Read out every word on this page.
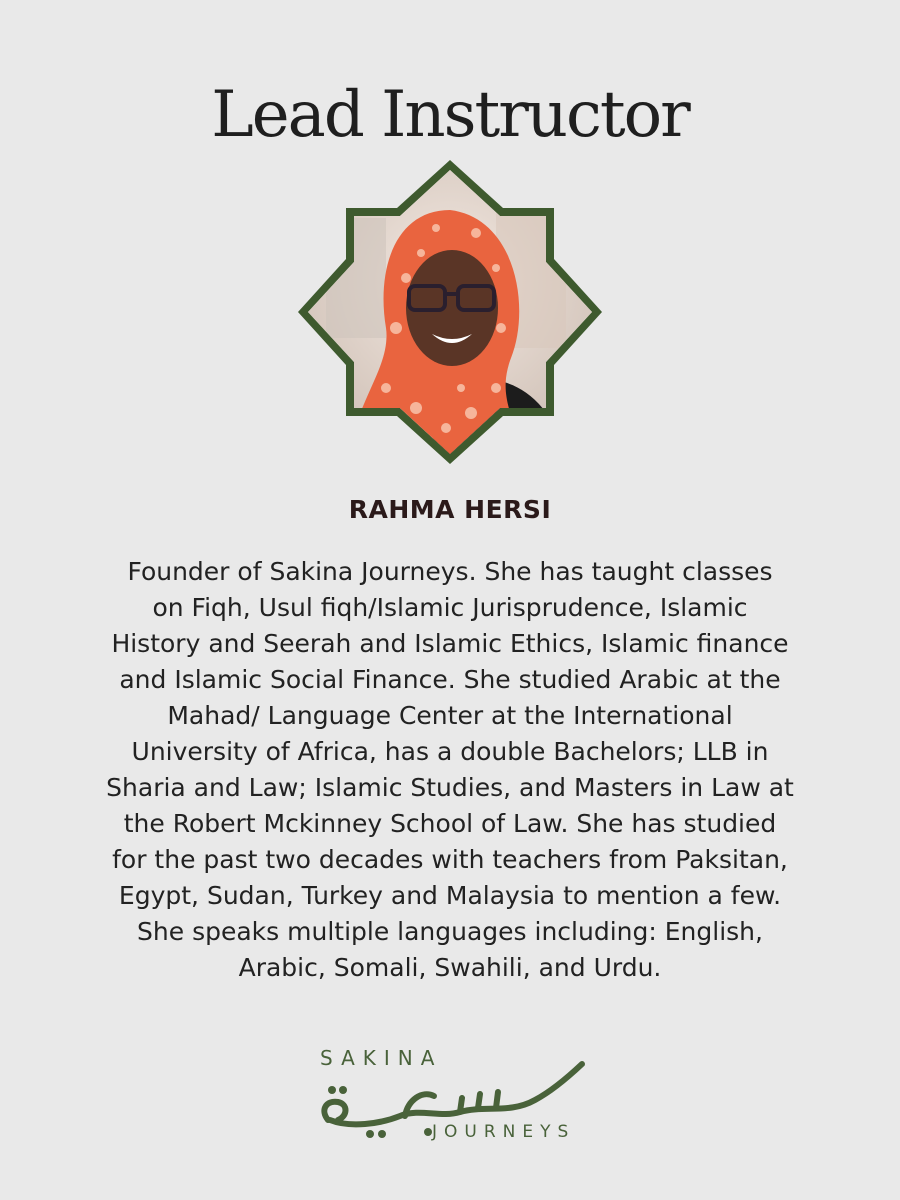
Lead Instructor
RAHMA HERSI
Founder of Sakina Journeys. She has taught classes
on Fiqh, Usul fiqh/Islamic Jurisprudence, Islamic
History and Seerah and Islamic Ethics, Islamic finance
and Islamic Social Finance. She studied Arabic at the
Mahad/ Language Center at the International
University of Africa, has a double Bachelors; LLB in
Sharia and Law; Islamic Studies, and Masters in Law at
the Robert Mckinney School of Law. She has studied
for the past two decades with teachers from Paksitan,
Egypt, Sudan, Turkey and Malaysia to mention a few.
She speaks multiple languages including: English,
Arabic, Somali, Swahili, and Urdu.
SAKINA
JOURNEYS
